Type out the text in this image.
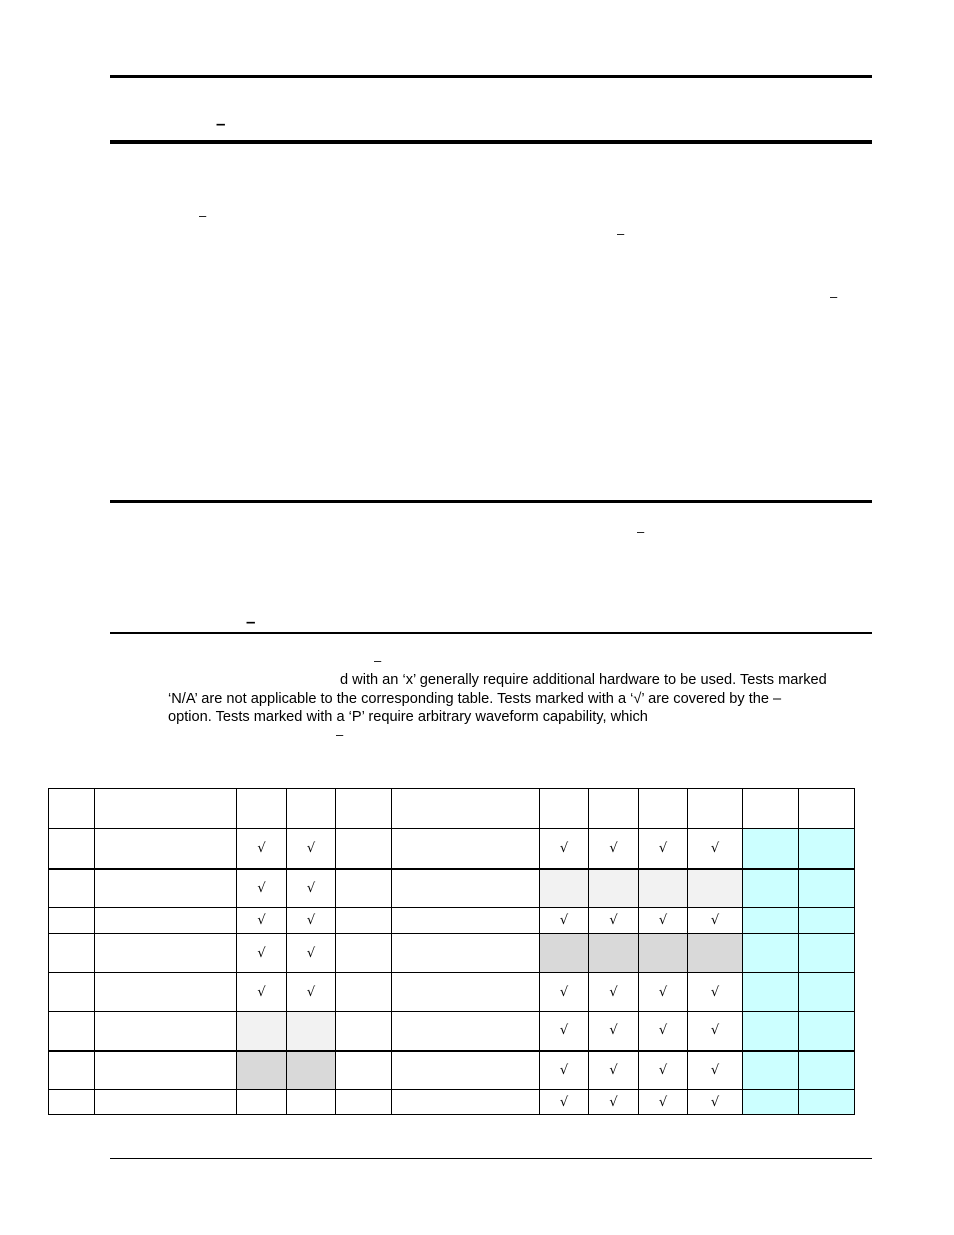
–
–
–
–
–
–
–
d with an ‘x’ generally require additional hardware to be used. Tests marked
‘N/A’ are not applicable to the corresponding table. Tests marked with a ‘√’ are covered by the –
option. Tests marked with a ‘P’ require arbitrary waveform capability, which
–

		√	√			√	√	√	√		
		√	√								
		√	√			√	√	√	√		
		√	√								
		√	√			√	√	√	√		
						√	√	√	√		
						√	√	√	√		
						√	√	√	√		
